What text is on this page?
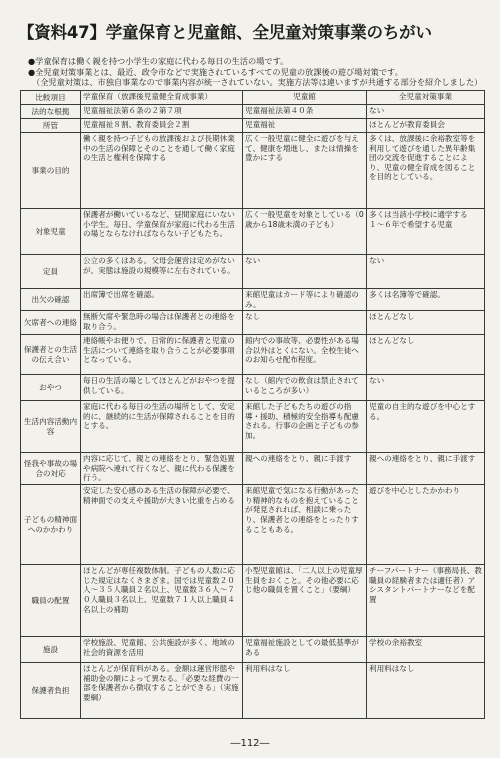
【資料47】学童保育と児童館、全児童対策事業のちがい
●学童保育は働く親を持つ小学生の家庭に代わる毎日の生活の場です。
●全児童対策事業とは、最近、政令市などで実施されているすべての児童の放課後の遊び場対策です。
（全児童対策は、市独自事業なので事業内容が統一されていない。実施方法等は違いますが共通する部分を紹介しました）
比較項目	学童保育（放課後児童健全育成事業）	児童館	全児童対策事業
法的な根拠	児童福祉法第６条の２第７項	児童福祉法第４０条	ない
所管	児童福祉８割、教育委員会２割	児童福祉	ほとんどが教育委員会
事業の目的	働く親を持つ子どもの放課後および長期休業中の生活の保障とそのことを通して働く家庭の生活と権利を保障する	広く一般児童に健全に遊びを与えて、健康を増進し、または情操を豊かにする	多くは、放課後に余裕教室等を利用して遊びを通した異年齢集団の交流を促進することにより、児童の健全育成を図ることを目的としている。
対象児童	保護者が働いているなど、昼間家庭にいない小学生。毎日、学童保育が家庭に代わる生活の場とならなければならない子どもたち。	広く一般児童を対象としている（0歳から18歳未満の子ども）	多くは当該小学校に通学する１〜６年で希望する児童
定員	公立の多くはある。父母会運営は定めがないが、実態は施設の規模等に左右されている。	ない	ない
出欠の確認	出席簿で出席を確認。	来館児童はカード等により確認のみ。	多くは名簿等で確認。
欠席者への連絡	無断欠席や緊急時の場合は保護者との連絡を取り合う。	なし	ほとんどなし
保護者との生活の伝え合い	連絡帳やお便りで、日常的に保護者と児童の生活について連絡を取り合うことが必要事項となっている。	館内での事故等、必要性がある場合以外はとくにない。全校生徒へのお知らせ配布程度。	ほとんどなし
おやつ	毎日の生活の場としてほとんどがおやつを提供している。	なし（館内での飲食は禁止されているところが多い）	ない
生活内容活動内容	家庭に代わる毎日の生活の場所として、安定的に、継続的に生活が保障されることを目的とする。	来館した子どもたちの遊びの指導・援助、積極的安全指導も配慮される。行事の企画と子どもの参加。	児童の自主的な遊びを中心とする。
怪我や事故の場合の対応	内容に応じて、親との連絡をとり、緊急処置や病院へ連れて行くなど、親に代わる保護を行う。	親への連絡をとり、親に手渡す	親への連絡をとり、親に手渡す
子どもの精神面へのかかわり	安定した安心感のある生活の保障が必要で、精神面での支えや援助が大きい比重を占める	来館児童で気になる行動があったり精神的なものを抱えていることが発見されれば、相談に乗ったり、保護者との連絡をとったりすることもある。	遊びを中心としたかかわり
職員の配置	ほとんどが専任複数体制。子どもの人数に応じた規定はなくさまざま。国では児童数２０人〜３５人職員２名以上、児童数３６人〜７０人職員３名以上、児童数７１人以上職員４名以上の補助	小型児童館は、「二人以上の児童厚生員をおくこと。その他必要に応じ他の職員を置くこと」（要綱）	チーフパートナー（事務局長、教職員の経験者または適任者）アシスタントパートナーなどを配置
施設	学校施設、児童館、公共施設が多く、地域の社会的資源を活用	児童福祉施設としての最低基準がある	学校の余裕教室
保護者負担	ほとんどが保育料がある。金額は運営形態や補助金の額によって異なる。「必要な経費の一部を保護者から徴収することができる」（実施要綱）	利用料はなし	利用料はなし
―112―
